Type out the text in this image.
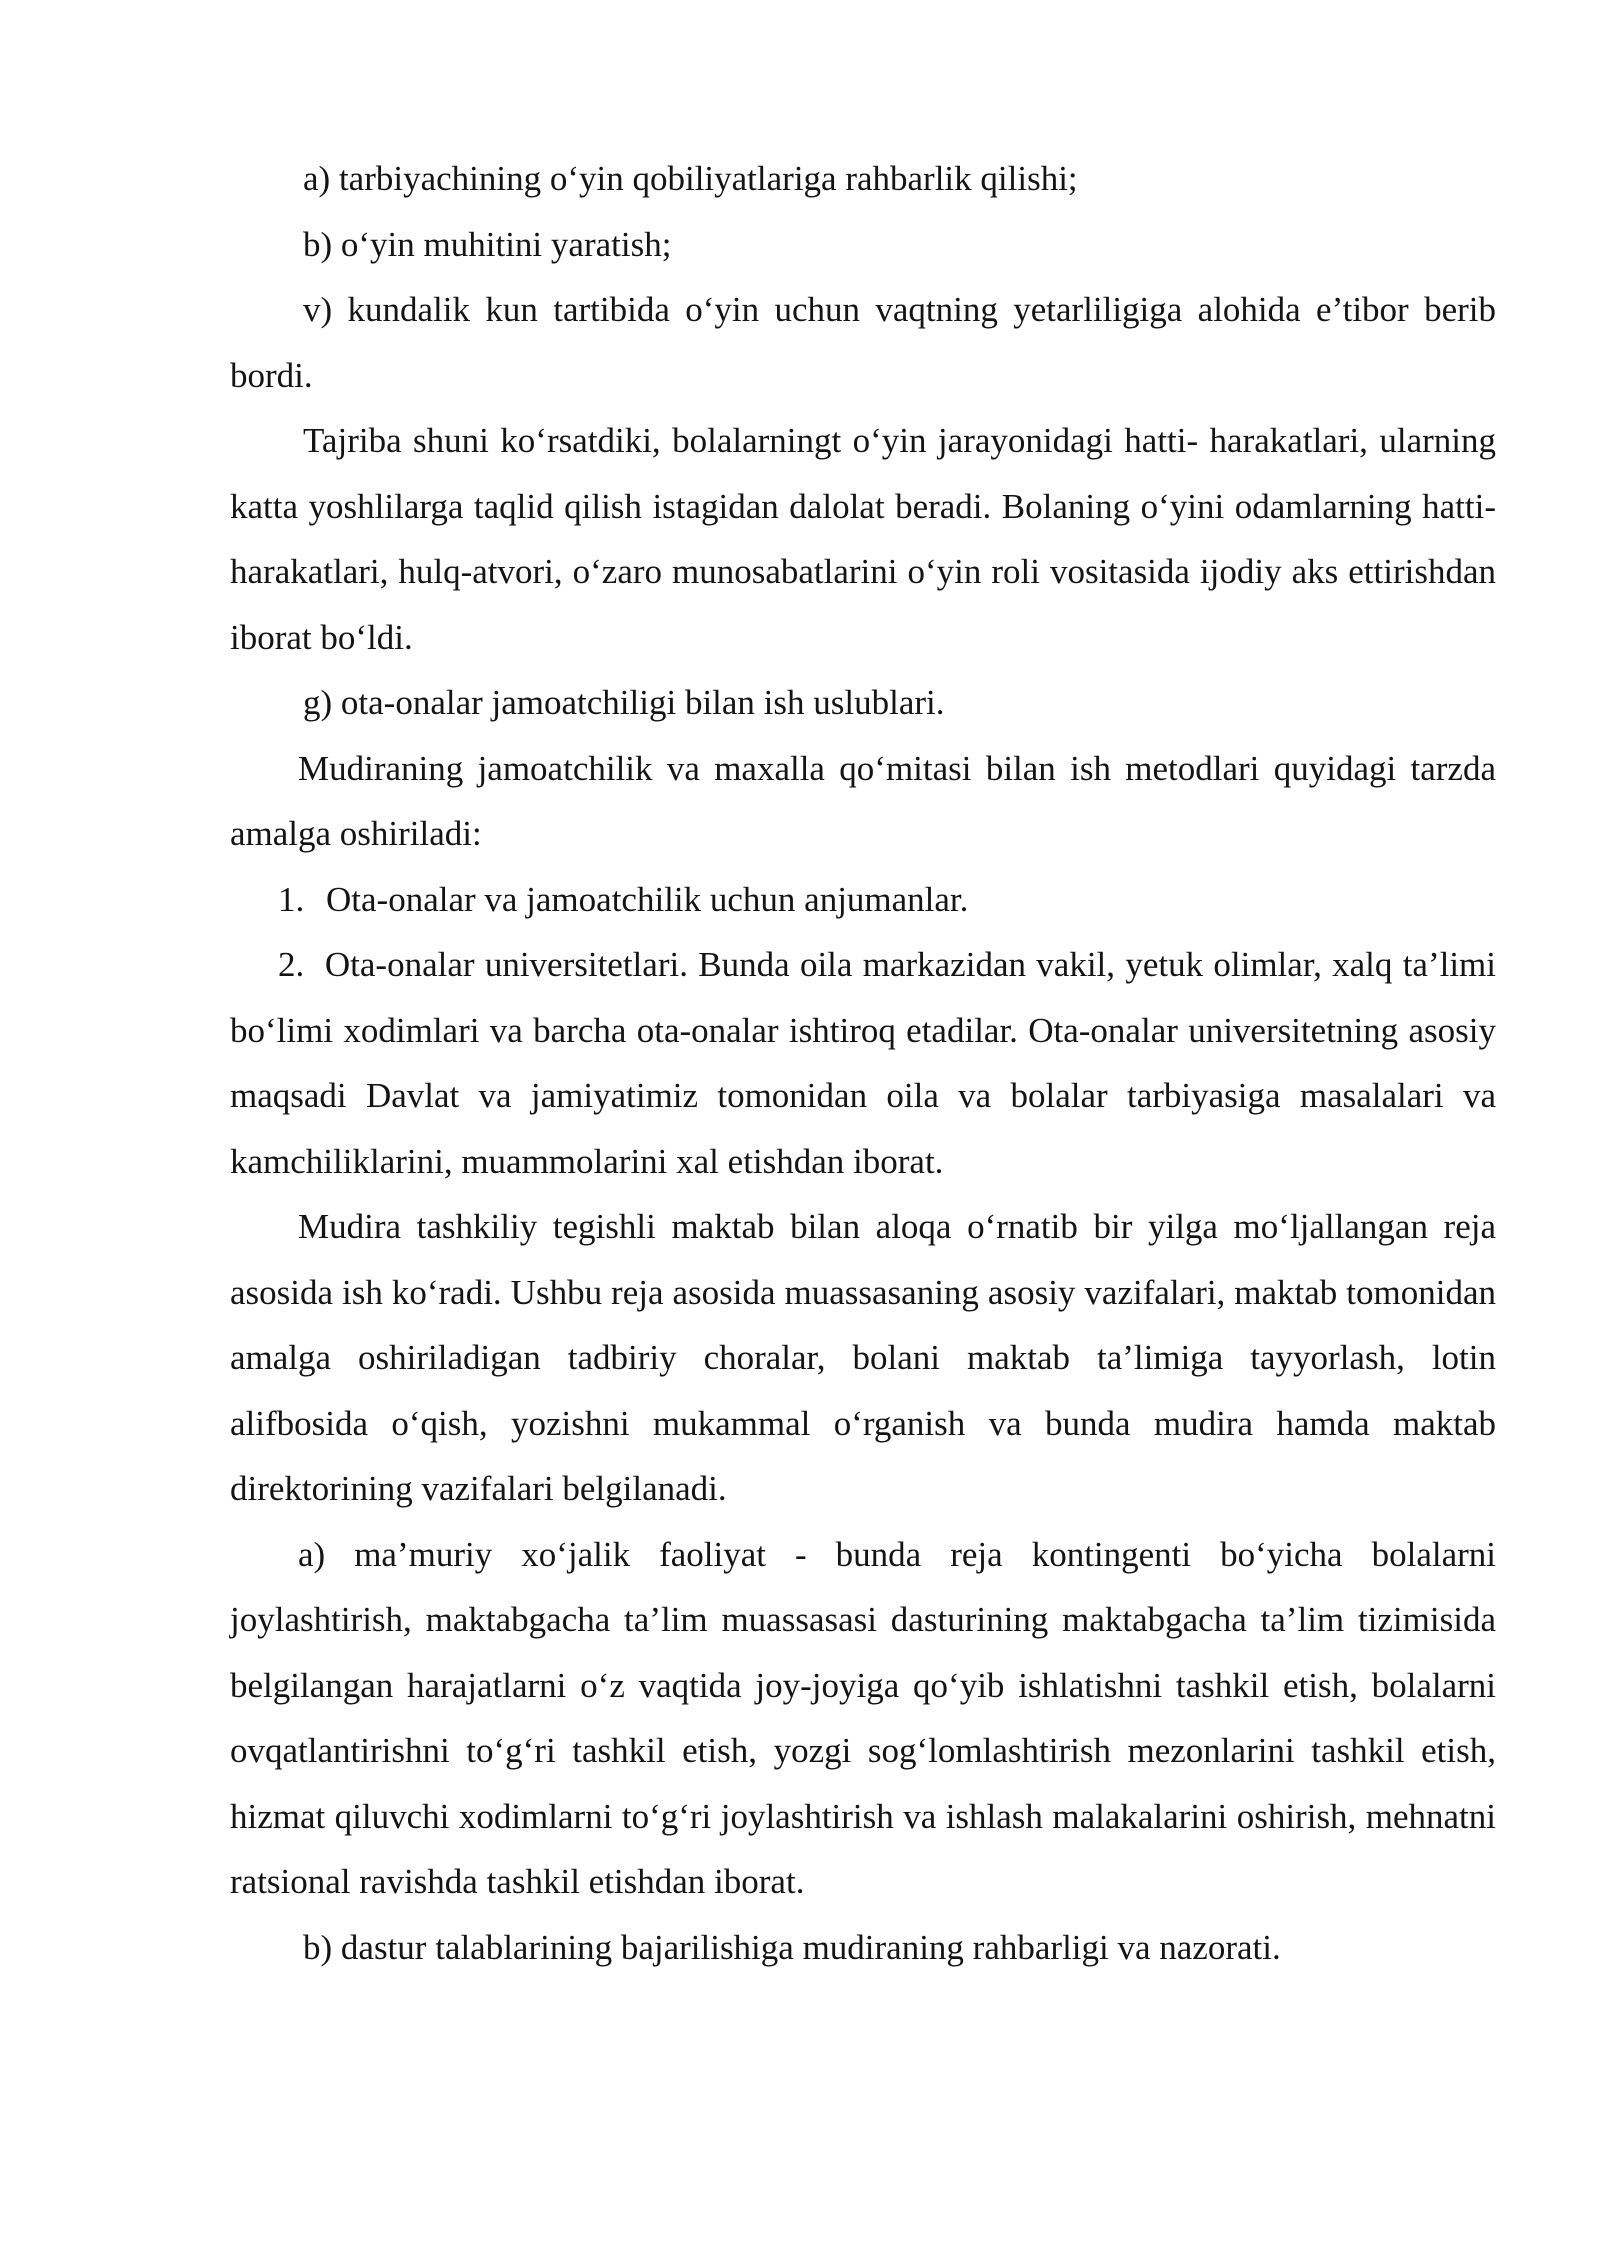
a) tarbiyachining o‘yin qobiliyatlariga rahbarlik qilishi;

b) o‘yin muhitini yaratish;

v) kundalik kun tartibida o‘yin uchun vaqtning yetarliligiga alohida e’tibor berib bordi.

Tajriba shuni ko‘rsatdiki, bolalarningt o‘yin jarayonidagi hatti- harakatlari, ularning katta yoshlilarga taqlid qilish istagidan dalolat beradi. Bolaning o‘yini odamlarning hatti-harakatlari, hulq-atvori, o‘zaro munosabatlarini o‘yin roli vositasida ijodiy aks ettirishdan iborat bo‘ldi.

g) ota-onalar jamoatchiligi bilan ish uslublari.

Mudiraning jamoatchilik va maxalla qo‘mitasi bilan ish metodlari quyidagi tarzda amalga oshiriladi:

1. Ota-onalar va jamoatchilik uchun anjumanlar.

2. Ota-onalar universitetlari. Bunda oila markazidan vakil, yetuk olimlar, xalq ta’limi bo‘limi xodimlari va barcha ota-onalar ishtiroq etadilar. Ota-onalar universitetning asosiy maqsadi Davlat va jamiyatimiz tomonidan oila va bolalar tarbiyasiga masalalari va kamchiliklarini, muammolarini xal etishdan iborat.

Mudira tashkiliy tegishli maktab bilan aloqa o‘rnatib bir yilga mo‘ljallangan reja asosida ish ko‘radi. Ushbu reja asosida muassasaning asosiy vazifalari, maktab tomonidan amalga oshiriladigan tadbiriy choralar, bolani maktab ta’limiga tayyorlash, lotin alifbosida o‘qish, yozishni mukammal o‘rganish va bunda mudira hamda maktab direktorining vazifalari belgilanadi.

a) ma’muriy xo‘jalik faoliyat - bunda reja kontingenti bo‘yicha bolalarni joylashtirish, maktabgacha ta’lim muassasasi dasturining maktabgacha ta’lim tizimisida belgilangan harajatlarni o‘z vaqtida joy-joyiga qo‘yib ishlatishni tashkil etish, bolalarni ovqatlantirishni to‘g‘ri tashkil etish, yozgi sog‘lomlashtirish mezonlarini tashkil etish, hizmat qiluvchi xodimlarni to‘g‘ri joylashtirish va ishlash malakalarini oshirish, mehnatni ratsional ravishda tashkil etishdan iborat.

b) dastur talablarining bajarilishiga mudiraning rahbarligi va nazorati.
